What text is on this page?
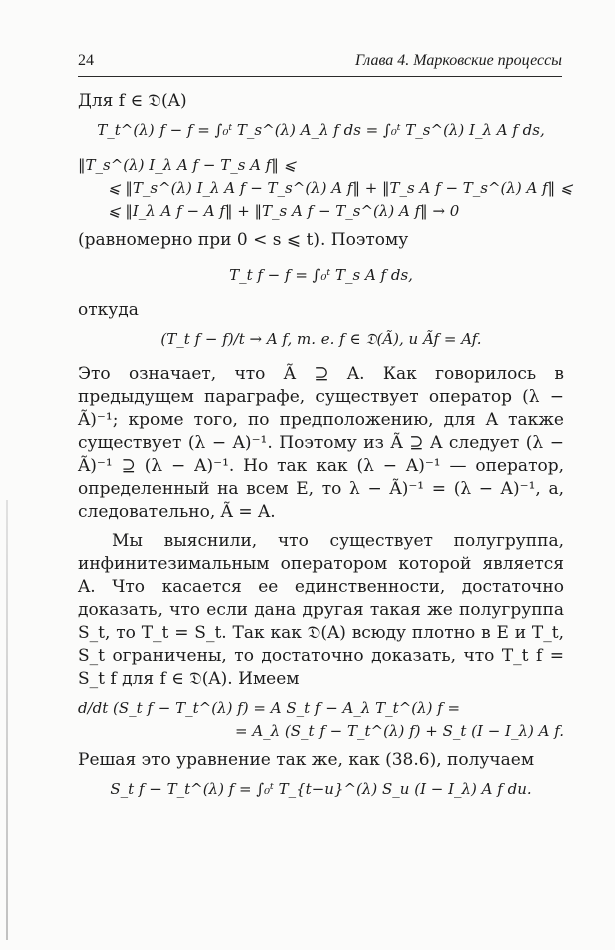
24	Глава 4. Марковские процессы

Для f ∈ 𝔇(A)

T_t^(λ) f − f = ∫₀ᵗ T_s^(λ) A_λ f ds = ∫₀ᵗ T_s^(λ) I_λ A f ds,

‖T_s^(λ) I_λ A f − T_s A f‖ ⩽

⩽ ‖T_s^(λ) I_λ A f − T_s^(λ) A f‖ + ‖T_s A f − T_s^(λ) A f‖ ⩽

⩽ ‖I_λ A f − A f‖ + ‖T_s A f − T_s^(λ) A f‖ → 0

(равномерно при 0 < s ⩽ t). Поэтому

T_t f − f = ∫₀ᵗ T_s A f ds,

откуда

(T_t f − f)/t → A f, т. е. f ∈ 𝔇(Ã), и Ãf = Af.

Это означает, что Ã ⊇ A. Как говорилось в предыдущем параграфе, существует оператор (λ − Ã)⁻¹; кроме того, по предположению, для A также существует (λ − A)⁻¹. Поэтому из Ã ⊇ A следует (λ − Ã)⁻¹ ⊇ (λ − A)⁻¹. Но так как (λ − A)⁻¹ — оператор, определенный на всем E, то λ − Ã)⁻¹ = (λ − A)⁻¹, а, следовательно, Ã = A.

Мы выяснили, что существует полугруппа, инфинитезимальным оператором которой является A. Что касается ее единственности, достаточно доказать, что если дана другая такая же полугруппа S_t, то T_t = S_t. Так как 𝔇(A) всюду плотно в E и T_t, S_t ограничены, то достаточно доказать, что T_t f = S_t f для f ∈ 𝔇(A). Имеем

d/dt (S_t f − T_t^(λ) f) = A S_t f − A_λ T_t^(λ) f =

= A_λ (S_t f − T_t^(λ) f) + S_t (I − I_λ) A f.

Решая это уравнение так же, как (38.6), получаем

S_t f − T_t^(λ) f = ∫₀ᵗ T_{t−u}^(λ) S_u (I − I_λ) A f du.
